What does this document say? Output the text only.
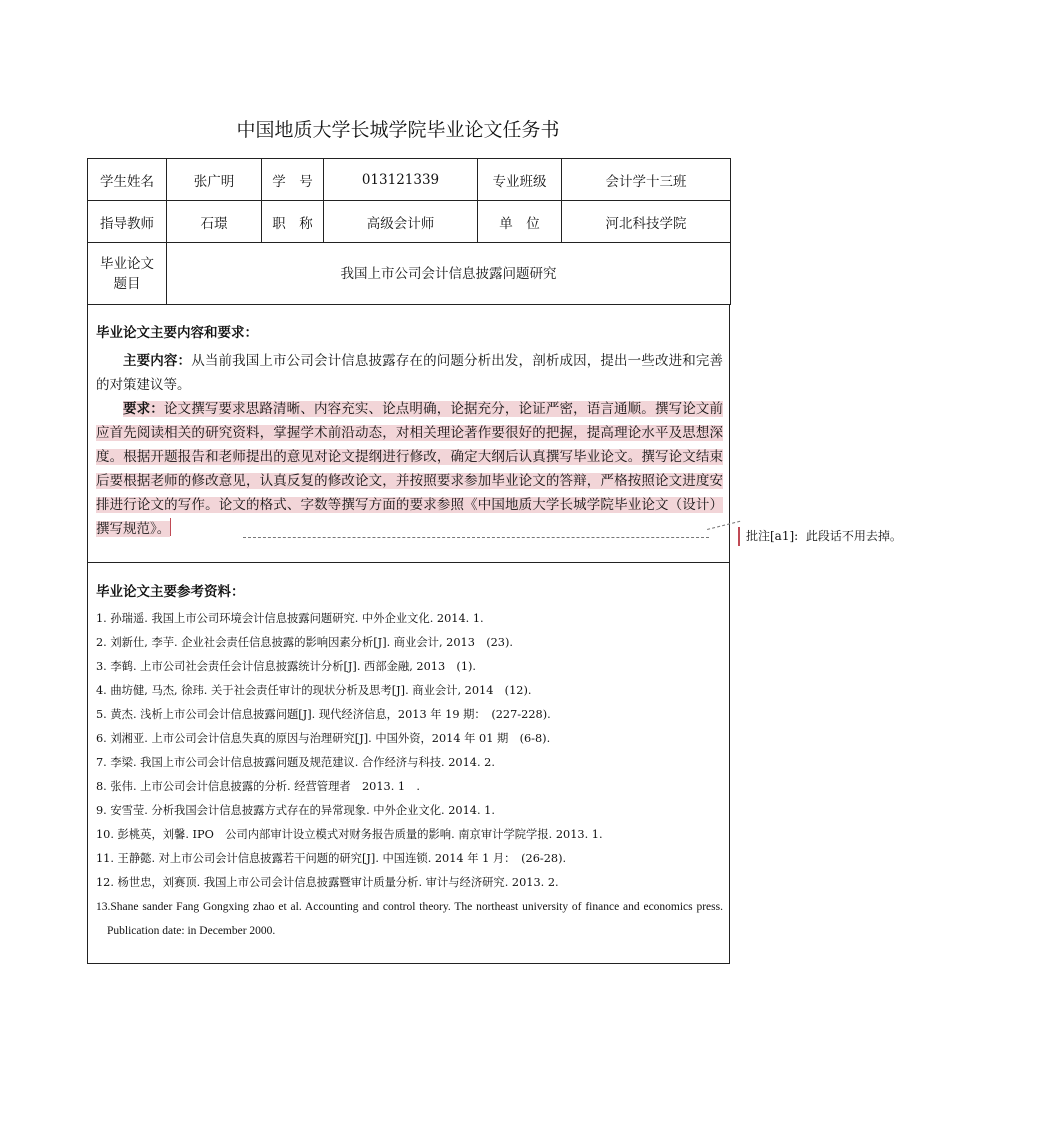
中国地质大学长城学院毕业论文任务书
学生姓名	张广明	学　号	013121339	专业班级	会计学十三班
指导教师	石璟	职　称	高级会计师	单　位	河北科技学院
毕业论文题目	我国上市公司会计信息披露问题研究				
毕业论文主要内容和要求：

主要内容：从当前我国上市公司会计信息披露存在的问题分析出发，剖析成因，提出一些改进和完善的对策建议等。

要求：论文撰写要求思路清晰、内容充实、论点明确，论据充分，论证严密，语言通顺。撰写论文前应首先阅读相关的研究资料，掌握学术前沿动态，对相关理论著作要很好的把握，提高理论水平及思想深度。根据开题报告和老师提出的意见对论文提纲进行修改，确定大纲后认真撰写毕业论文。撰写论文结束后要根据老师的修改意见，认真反复的修改论文，并按照要求参加毕业论文的答辩，严格按照论文进度安排进行论文的写作。论文的格式、字数等撰写方面的要求参照《中国地质大学长城学院毕业论文（设计）撰写规范》。

毕业论文主要参考资料：
1. 孙瑞遥. 我国上市公司环境会计信息披露问题研究. 中外企业文化. 2014. 1.
2. 刘新仕, 李芋. 企业社会责任信息披露的影响因素分析[J]. 商业会计, 2013　(23).
3. 李鹤. 上市公司社会责任会计信息披露统计分析[J]. 西部金融, 2013　(1).
4. 曲坊健, 马杰, 徐玮. 关于社会责任审计的现状分析及思考[J]. 商业会计, 2014　(12).
5. 黄杰. 浅析上市公司会计信息披露问题[J]. 现代经济信息，2013 年 19 期：　(227-228).
6. 刘湘亚. 上市公司会计信息失真的原因与治理研究[J]. 中国外资，2014 年 01 期　(6-8).
7. 李梁. 我国上市公司会计信息披露问题及规范建议. 合作经济与科技. 2014. 2.
8. 张伟. 上市公司会计信息披露的分析. 经营管理者　2013. 1　.
9. 安雪莹. 分析我国会计信息披露方式存在的异常现象. 中外企业文化. 2014. 1.
10. 彭桃英，刘馨. IPO　公司内部审计设立模式对财务报告质量的影响. 南京审计学院学报. 2013. 1.
11. 王静懿. 对上市公司会计信息披露若干问题的研究[J]. 中国连锁. 2014 年 1 月：　(26-28).
12. 杨世忠，刘赛顶. 我国上市公司会计信息披露暨审计质量分析. 审计与经济研究. 2013. 2.
13.Shane sander Fang Gongxing zhao et al. Accounting and control theory. The northeast university of finance and economics press. Publication date: in December 2000.
批注[a1]: 此段话不用去掉。
